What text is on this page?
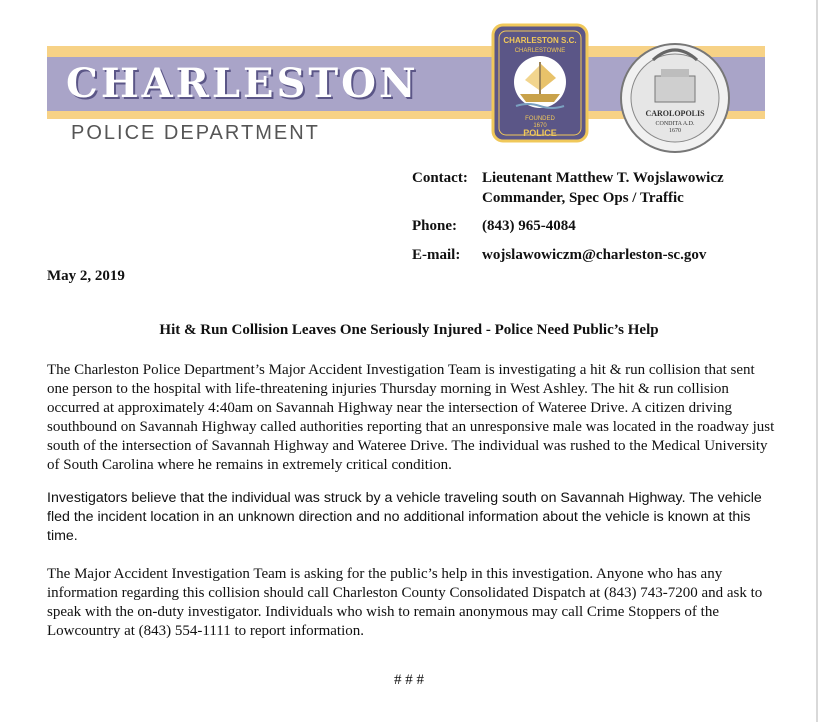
CHARLESTON
POLICE DEPARTMENT
CHARLESTON S.C.
CHARLESTOWNE
FOUNDED
1670
POLICE
CAROLOPOLIS
CONDITA A.D.
1670
Contact: Lieutenant Matthew T. Wojslawowicz
Commander, Spec Ops / Traffic
Phone: (843) 965-4084
E-mail: wojslawowiczm@charleston-sc.gov
May 2, 2019
Hit & Run Collision Leaves One Seriously Injured - Police Need Public’s Help
The Charleston Police Department’s Major Accident Investigation Team is investigating a hit & run collision that sent one person to the hospital with life-threatening injuries Thursday morning in West Ashley. The hit & run collision occurred at approximately 4:40am on Savannah Highway near the intersection of Wateree Drive. A citizen driving southbound on Savannah Highway called authorities reporting that an unresponsive male was located in the roadway just south of the intersection of Savannah Highway and Wateree Drive. The individual was rushed to the Medical University of South Carolina where he remains in extremely critical condition.
Investigators believe that the individual was struck by a vehicle traveling south on Savannah Highway. The vehicle fled the incident location in an unknown direction and no additional information about the vehicle is known at this time.
The Major Accident Investigation Team is asking for the public’s help in this investigation. Anyone who has any information regarding this collision should call Charleston County Consolidated Dispatch at (843) 743-7200 and ask to speak with the on-duty investigator. Individuals who wish to remain anonymous may call Crime Stoppers of the Lowcountry at (843) 554-1111 to report information.
# # #
